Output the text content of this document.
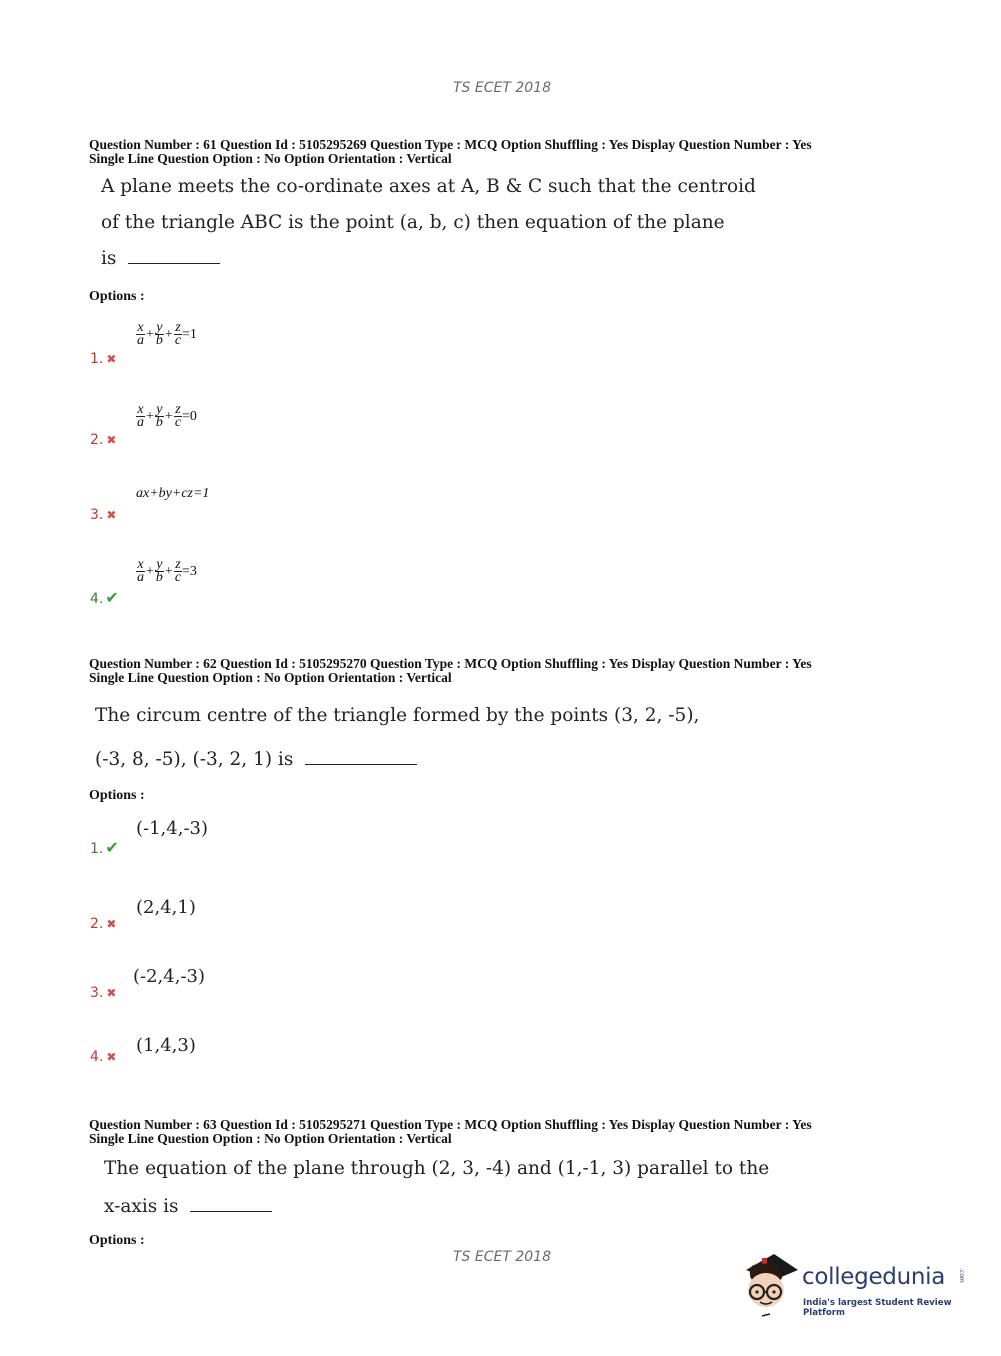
TS ECET 2018
Question Number : 61 Question Id : 5105295269 Question Type : MCQ Option Shuffling : Yes Display Question Number : Yes
Single Line Question Option : No Option Orientation : Vertical
A plane meets the co-ordinate axes at A, B & C such that the centroid
of the triangle ABC is the point (a, b, c) then equation of the plane
is
Options :
1. ✖
$\frac{x}{a} + \frac{y}{b} + \frac{z}{c} =1$
2. ✖
$\frac{x}{a} + \frac{y}{b} + \frac{z}{c} =0$
3. ✖
ax+by+cz=1
4. ✔
$\frac{x}{a} + \frac{y}{b} + \frac{z}{c} =3$
Question Number : 62 Question Id : 5105295270 Question Type : MCQ Option Shuffling : Yes Display Question Number : Yes
Single Line Question Option : No Option Orientation : Vertical
The circum centre of the triangle formed by the points (3, 2, -5),
(-3, 8, -5), (-3, 2, 1) is
Options :
1. ✔
(-1,4,-3)
2. ✖
(2,4,1)
3. ✖
(-2,4,-3)
4. ✖
(1,4,3)
Question Number : 63 Question Id : 5105295271 Question Type : MCQ Option Shuffling : Yes Display Question Number : Yes
Single Line Question Option : No Option Orientation : Vertical
The equation of the plane through (2, 3, -4) and (1,-1, 3) parallel to the
x-axis is
Options :
TS ECET 2018
collegedunia
India's largest Student Review Platform
.com
